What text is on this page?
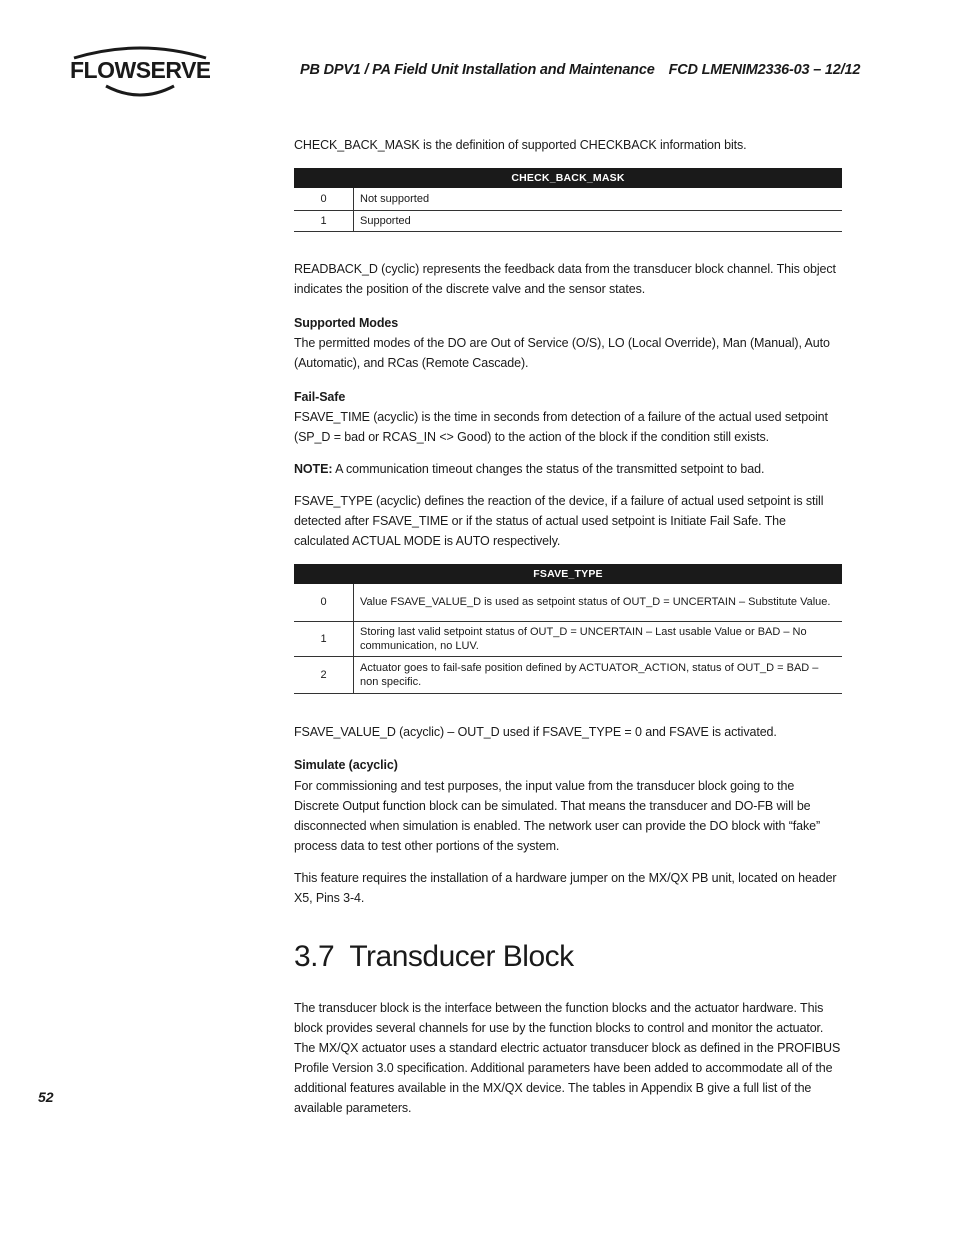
FLOWSERVE	PB DPV1 / PA Field Unit Installation and Maintenance FCD LMENIM2336-03 – 12/12

CHECK_BACK_MASK is the definition of supported CHECKBACK information bits.

CHECK_BACK_MASK	
0	Not supported
1	Supported

READBACK_D (cyclic) represents the feedback data from the transducer block channel. This object indicates the position of the discrete valve and the sensor states.

Supported Modes

The permitted modes of the DO are Out of Service (O/S), LO (Local Override), Man (Manual), Auto (Automatic), and RCas (Remote Cascade).

Fail-Safe

FSAVE_TIME (acyclic) is the time in seconds from detection of a failure of the actual used setpoint (SP_D = bad or RCAS_IN <> Good) to the action of the block if the condition still exists.

NOTE: A communication timeout changes the status of the transmitted setpoint to bad.

FSAVE_TYPE (acyclic) defines the reaction of the device, if a failure of actual used setpoint is still detected after FSAVE_TIME or if the status of actual used setpoint is Initiate Fail Safe. The calculated ACTUAL MODE is AUTO respectively.

FSAVE_TYPE	
0	Value FSAVE_VALUE_D is used as setpoint status of OUT_D = UNCERTAIN – Substitute Value.
1	Storing last valid setpoint status of OUT_D = UNCERTAIN – Last usable Value or BAD – No communication, no LUV.
2	Actuator goes to fail-safe position defined by ACTUATOR_ACTION, status of OUT_D = BAD – non specific.

FSAVE_VALUE_D (acyclic) – OUT_D used if FSAVE_TYPE = 0 and FSAVE is activated.

Simulate (acyclic)

For commissioning and test purposes, the input value from the transducer block going to the Discrete Output function block can be simulated. That means the transducer and DO-FB will be disconnected when simulation is enabled. The network user can provide the DO block with “fake” process data to test other portions of the system.

This feature requires the installation of a hardware jumper on the MX/QX PB unit, located on header X5, Pins 3-4.

3.7  Transducer Block

The transducer block is the interface between the function blocks and the actuator hardware. This block provides several channels for use by the function blocks to control and monitor the actuator. The MX/QX actuator uses a standard electric actuator transducer block as defined in the PROFIBUS Profile Version 3.0 specification. Additional parameters have been added to accommodate all of the additional features available in the MX/QX device. The tables in Appendix B give a full list of the available parameters.

52
